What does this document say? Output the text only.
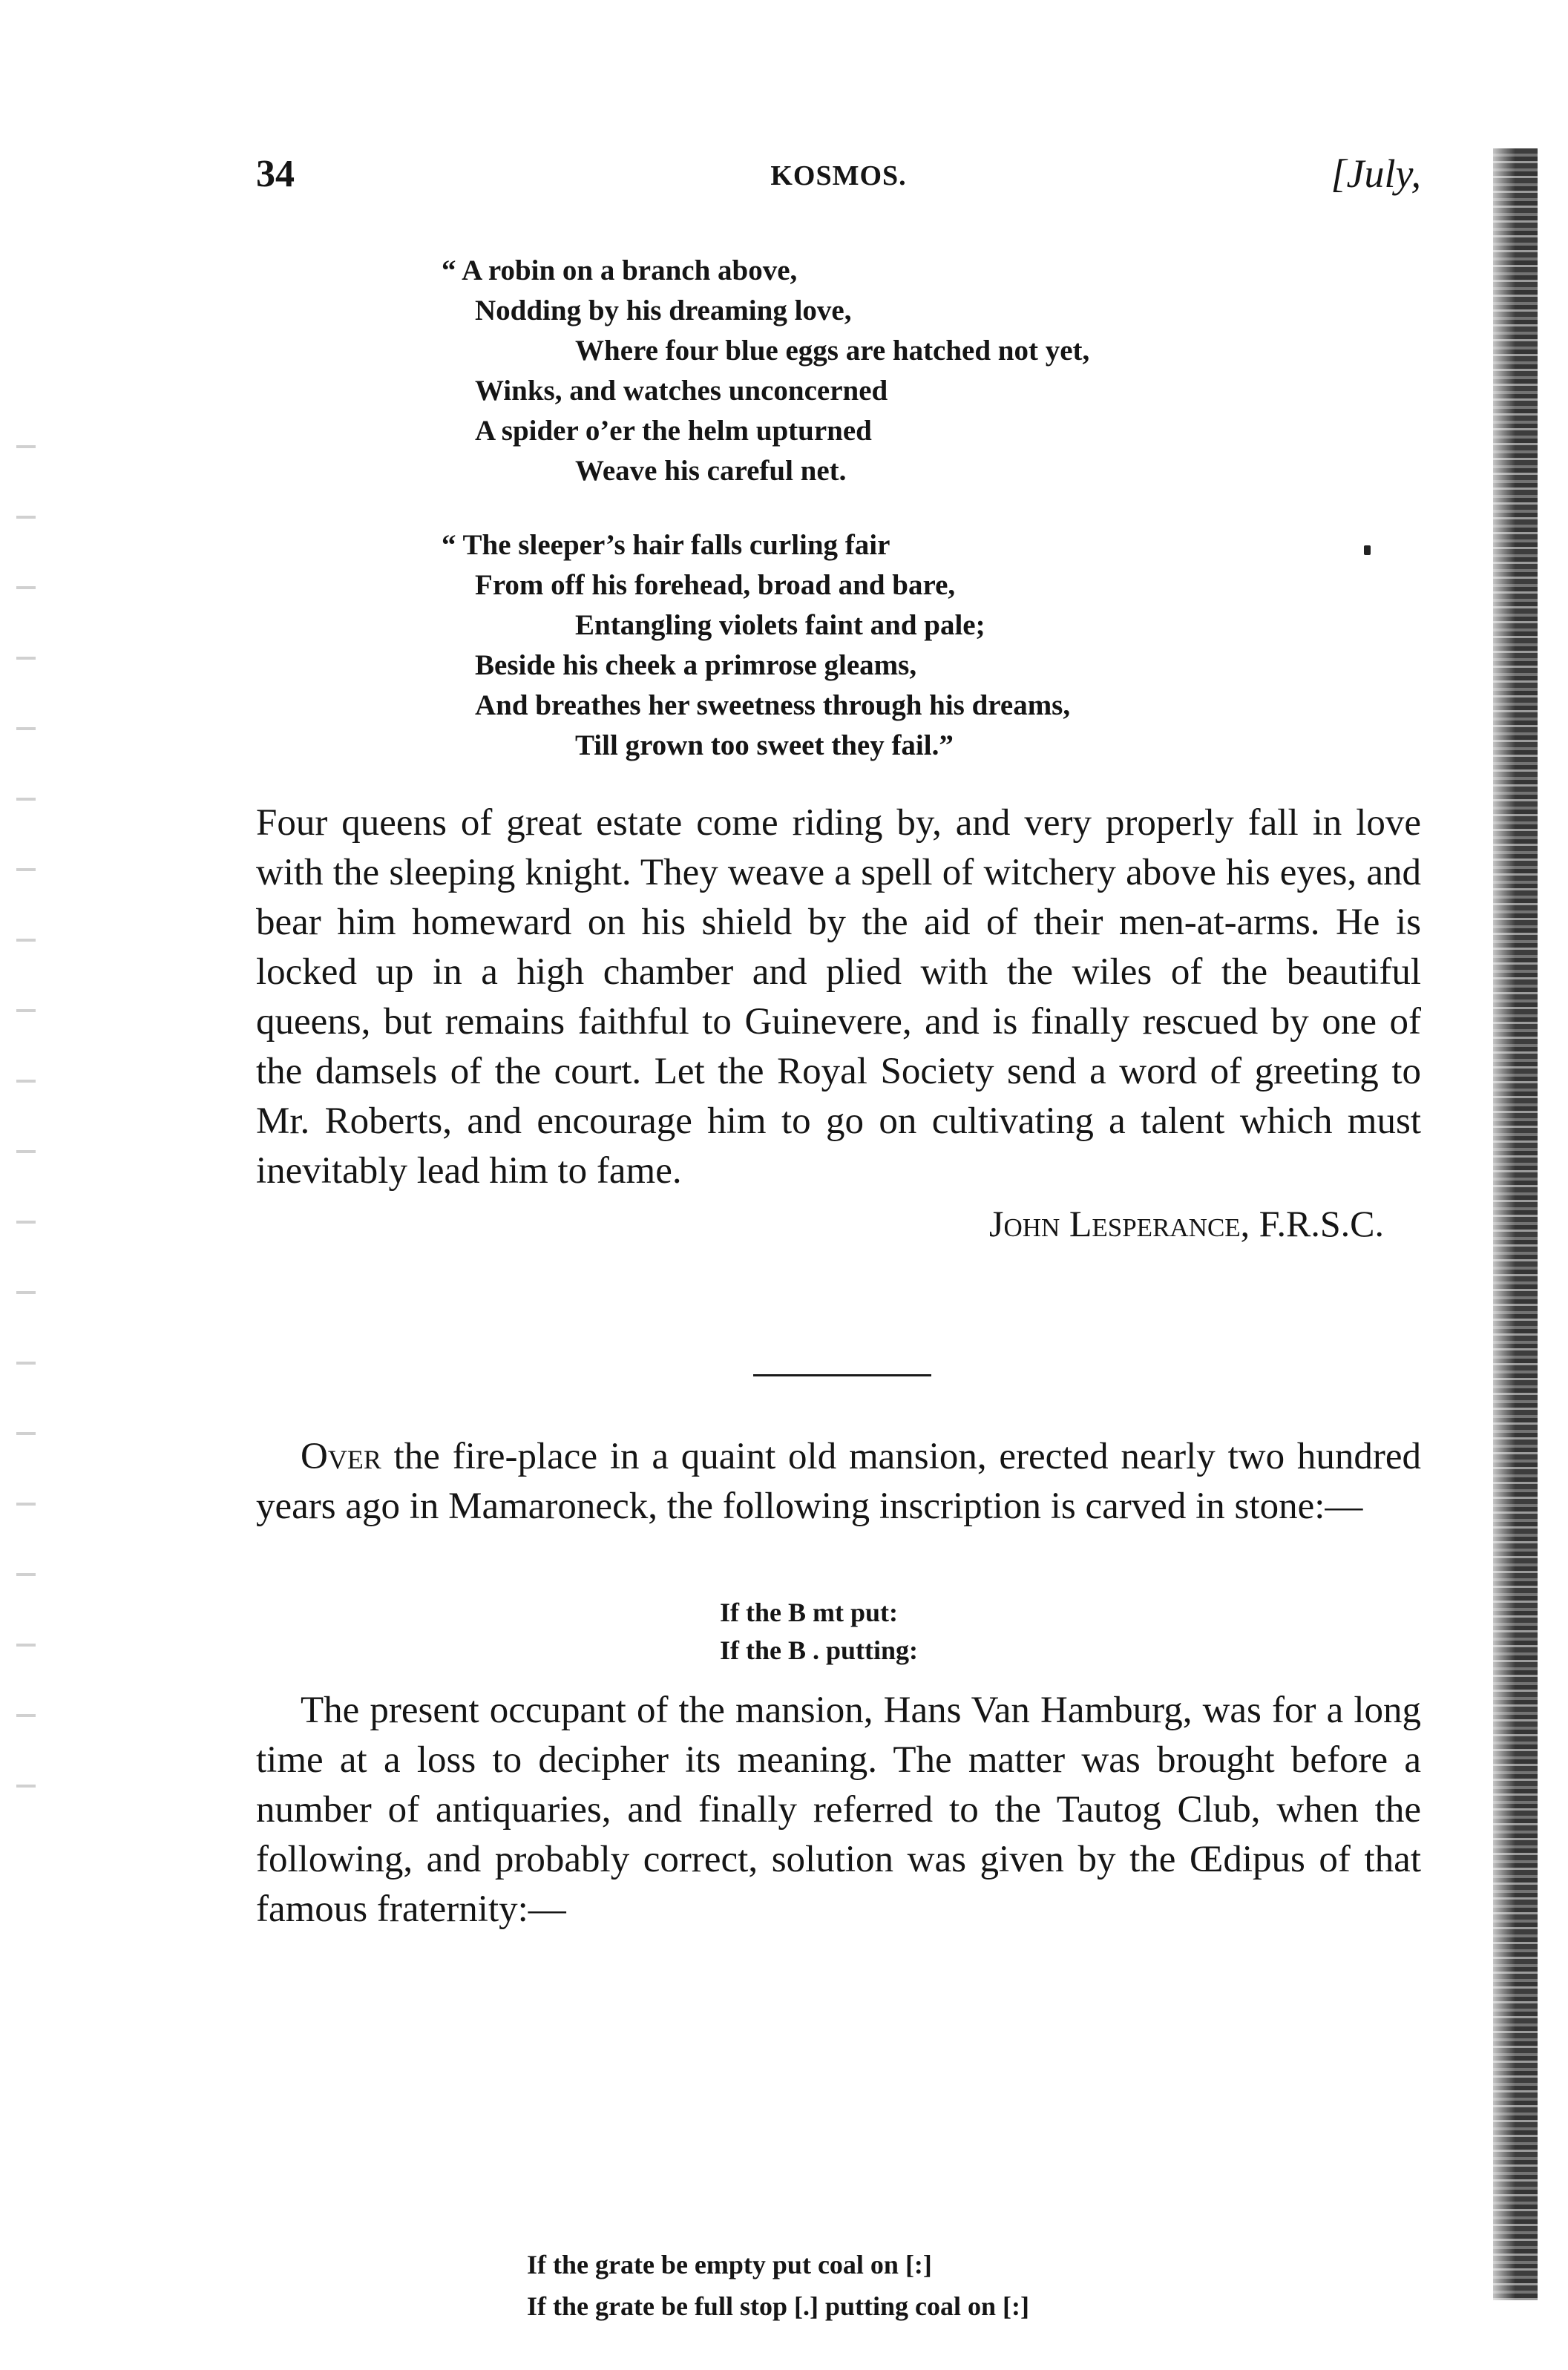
34	KOSMOS.	[July,
“ A robin on a branch above,
Nodding by his dreaming love,
Where four blue eggs are hatched not yet,
Winks, and watches unconcerned
A spider o’er the helm upturned
Weave his careful net.
“ The sleeper’s hair falls curling fair
From off his forehead, broad and bare,
Entangling violets faint and pale;
Beside his cheek a primrose gleams,
And breathes her sweetness through his dreams,
Till grown too sweet they fail.”

Four queens of great estate come riding by, and very properly fall in love with the sleeping knight. They weave a spell of witchery above his eyes, and bear him homeward on his shield by the aid of their men-at-arms. He is locked up in a high chamber and plied with the wiles of the beautiful queens, but remains faithful to Guinevere, and is finally rescued by one of the damsels of the court. Let the Royal Society send a word of greeting to Mr. Roberts, and encourage him to go on cultivating a talent which must inevitably lead him to fame.

John Lesperance, F.R.S.C.

Over the fire-place in a quaint old mansion, erected nearly two hundred years ago in Mamaroneck, the following inscription is carved in stone:—

If the B mt put:
If the B . putting:

The present occupant of the mansion, Hans Van Hamburg, was for a long time at a loss to decipher its meaning. The matter was brought before a number of antiquaries, and finally referred to the Tautog Club, when the following, and probably correct, solution was given by the Œdipus of that famous fraternity:—

If the grate be empty put coal on [:]
If the grate be full stop [.] putting coal on [:]
